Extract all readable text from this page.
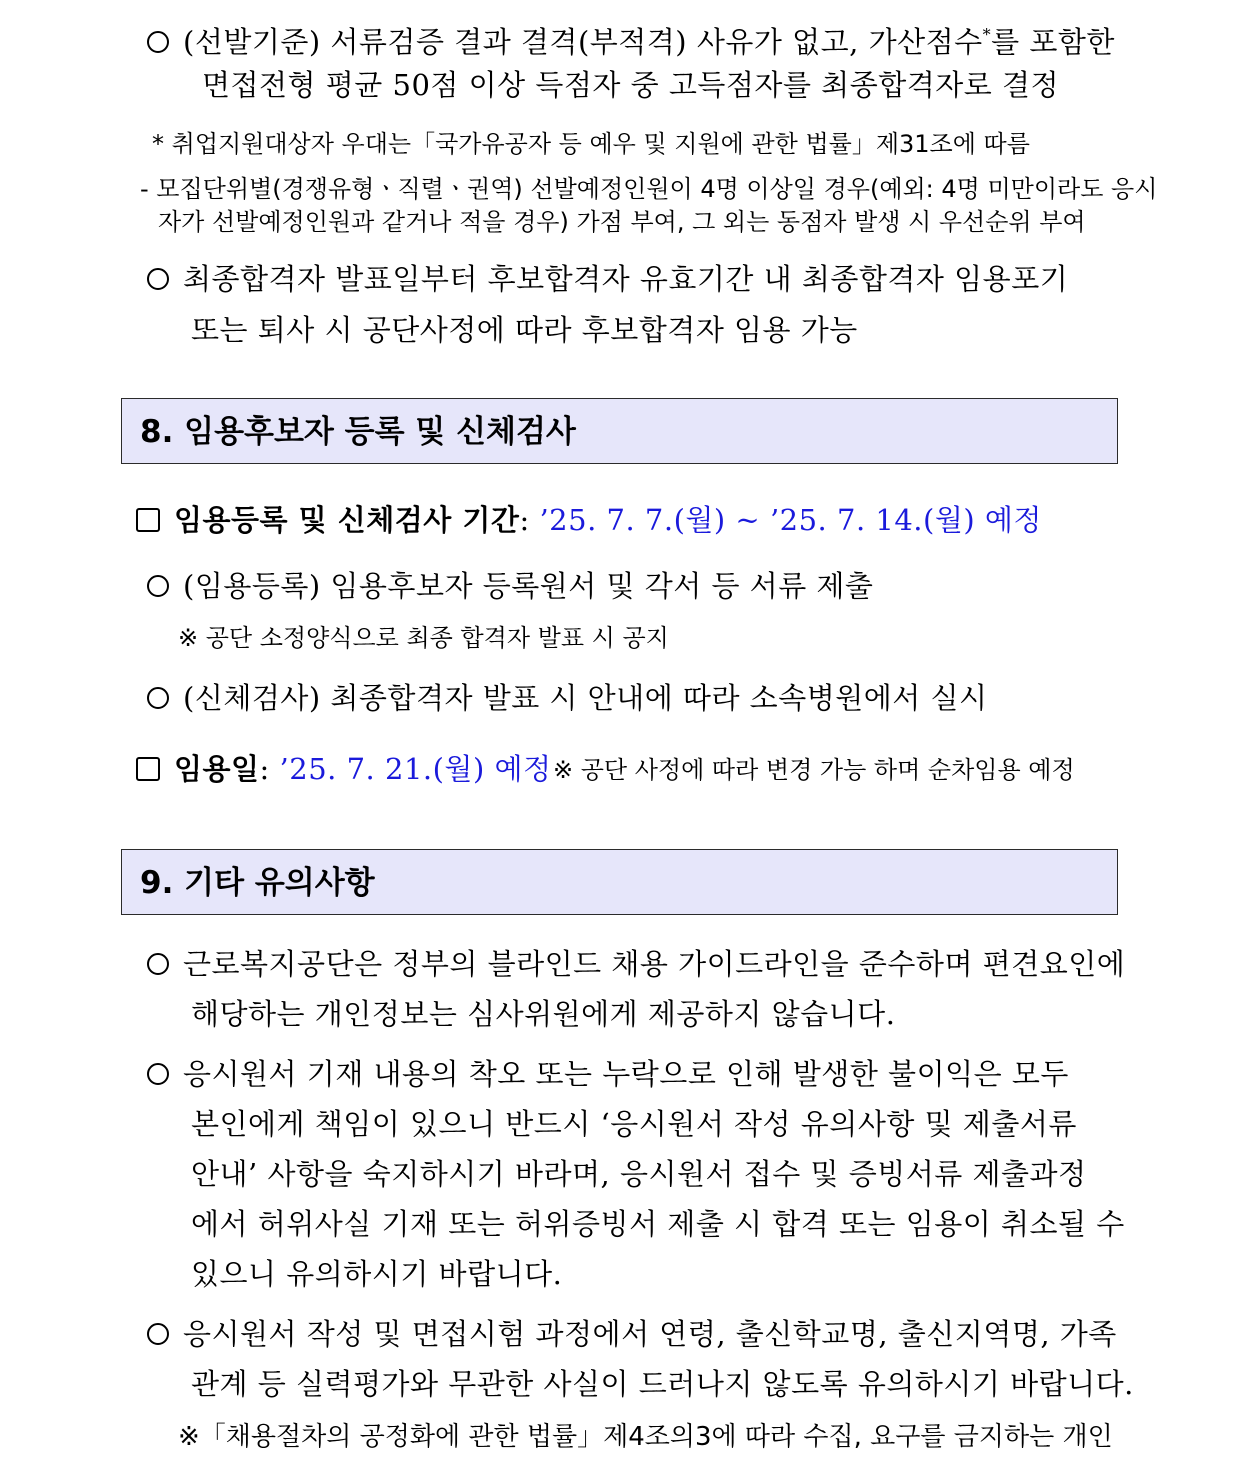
(선발기준) 서류검증 결과 결격(부적격) 사유가 없고, 가산점수*를 포함한
면접전형 평균 50점 이상 득점자 중 고득점자를 최종합격자로 결정
* 취업지원대상자 우대는「국가유공자 등 예우 및 지원에 관한 법률」제31조에 따름
- 모집단위별(경쟁유형ㆍ직렬ㆍ권역) 선발예정인원이 4명 이상일 경우(예외: 4명 미만이라도 응시
자가 선발예정인원과 같거나 적을 경우) 가점 부여, 그 외는 동점자 발생 시 우선순위 부여
최종합격자 발표일부터 후보합격자 유효기간 내 최종합격자 임용포기
또는 퇴사 시 공단사정에 따라 후보합격자 임용 가능
8. 임용후보자 등록 및 신체검사
임용등록 및 신체검사 기간: ’25. 7. 7.(월) ~ ’25. 7. 14.(월) 예정
(임용등록) 임용후보자 등록원서 및 각서 등 서류 제출
※ 공단 소정양식으로 최종 합격자 발표 시 공지
(신체검사) 최종합격자 발표 시 안내에 따라 소속병원에서 실시
임용일: ’25. 7. 21.(월) 예정 ※ 공단 사정에 따라 변경 가능 하며 순차임용 예정
9. 기타 유의사항
근로복지공단은 정부의 블라인드 채용 가이드라인을 준수하며 편견요인에
해당하는 개인정보는 심사위원에게 제공하지 않습니다.
응시원서 기재 내용의 착오 또는 누락으로 인해 발생한 불이익은 모두
본인에게 책임이 있으니 반드시 ‘응시원서 작성 유의사항 및 제출서류
안내’ 사항을 숙지하시기 바라며, 응시원서 접수 및 증빙서류 제출과정
에서 허위사실 기재 또는 허위증빙서 제출 시 합격 또는 임용이 취소될 수
있으니 유의하시기 바랍니다.
응시원서 작성 및 면접시험 과정에서 연령, 출신학교명, 출신지역명, 가족
관계 등 실력평가와 무관한 사실이 드러나지 않도록 유의하시기 바랍니다.
※「채용절차의 공정화에 관한 법률」제4조의3에 따라 수집, 요구를 금지하는 개인
